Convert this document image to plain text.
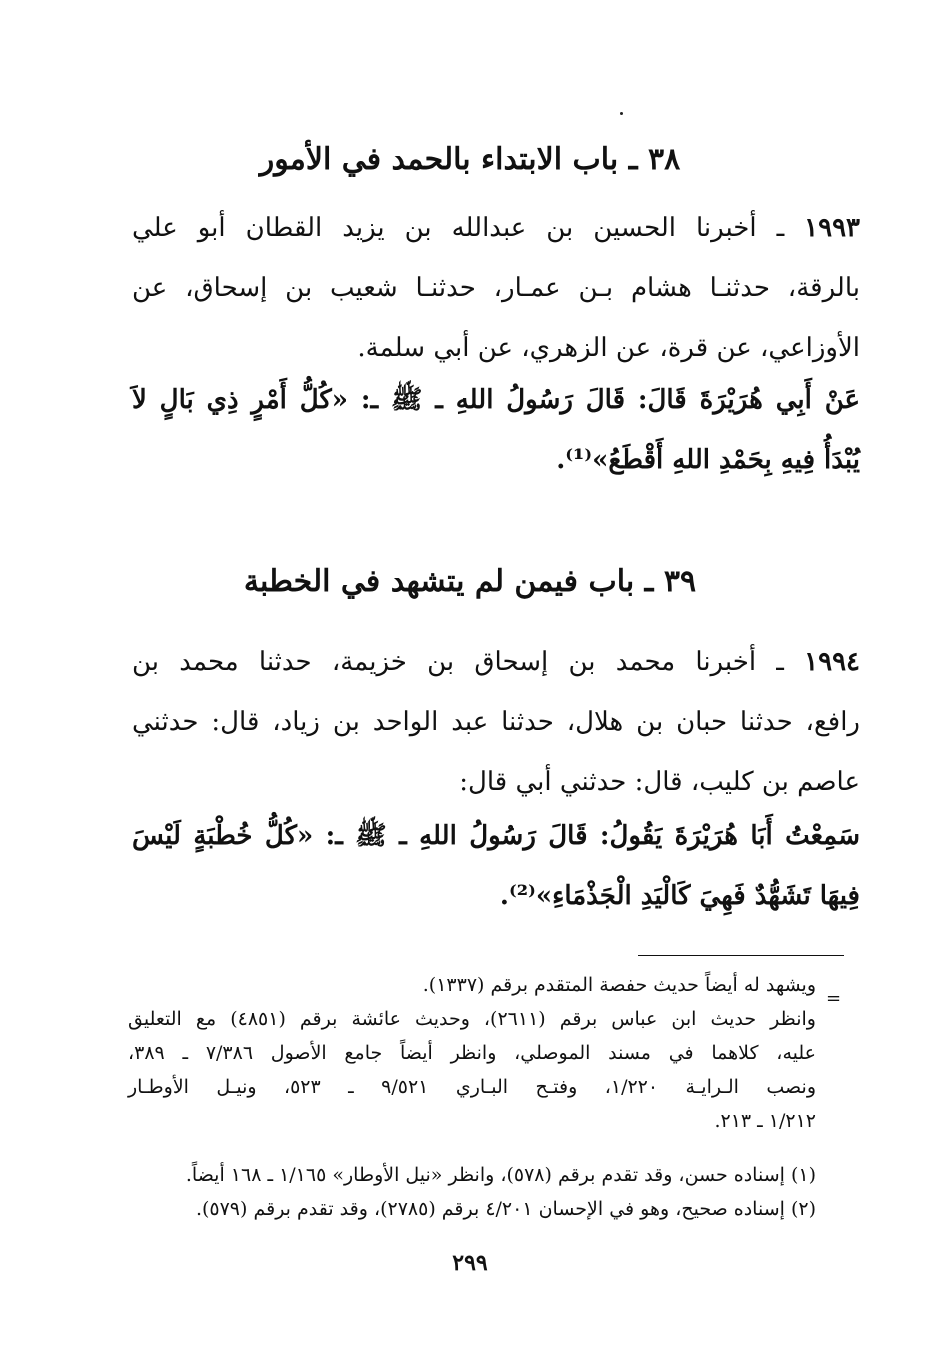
٣٨ ـ باب الابتداء بالحمد في الأمور
١٩٩٣ ـ أخبرنا الحسين بن عبدالله بن يزيد القطان أبو علي
بالرقة، حدثنـا هشام بـن عمـار، حدثنـا شعيب بن إسحاق، عن
الأوزاعي، عن قرة، عن الزهري، عن أبي سلمة.
عَنْ أَبِي هُرَيْرَةَ قَالَ: قَالَ رَسُولُ اللهِ ـ ﷺ ـ: «كُلُّ أَمْرٍ ذِي بَالٍ لاَ
يُبْدَأُ فِيهِ بِحَمْدِ اللهِ أَقْطَعُ»⁽¹⁾.
٣٩ ـ باب فيمن لم يتشهد في الخطبة
١٩٩٤ ـ أخبرنا محمد بن إسحاق بن خزيمة، حدثنا محمد بن
رافع، حدثنا حبان بن هلال، حدثنا عبد الواحد بن زياد، قال: حدثني
عاصم بن كليب، قال: حدثني أبي قال:
سَمِعْتُ أَبَا هُرَيْرَةَ يَقُولُ: قَالَ رَسُولُ اللهِ ـ ﷺ ـ: «كُلُّ خُطْبَةٍ لَيْسَ
فِيهَا تَشَهُّدٌ فَهِيَ كَالْيَدِ الْجَذْمَاءِ»⁽²⁾.
=
ويشهد له أيضاً حديث حفصة المتقدم برقم (١٣٣٧).
وانظر حديث ابن عباس برقم (٢٦١١)، وحديث عائشة برقم (٤٨٥١) مع التعليق
عليه، كلاهما في مسند الموصلي، وانظر أيضاً جامع الأصول ٧/٣٨٦ ـ ٣٨٩،
ونصب الـرايـة ١/٢٢٠، وفتـح البـاري ٩/٥٢١ ـ ٥٢٣، ونيـل الأوطـار
١/٢١٢ ـ ٢١٣.
(١) إسناده حسن، وقد تقدم برقم (٥٧٨)، وانظر «نيل الأوطار» ١/١٦٥ ـ ١٦٨ أيضاً.
(٢) إسناده صحيح، وهو في الإحسان ٤/٢٠١ برقم (٢٧٨٥)، وقد تقدم برقم (٥٧٩).
٢٩٩
